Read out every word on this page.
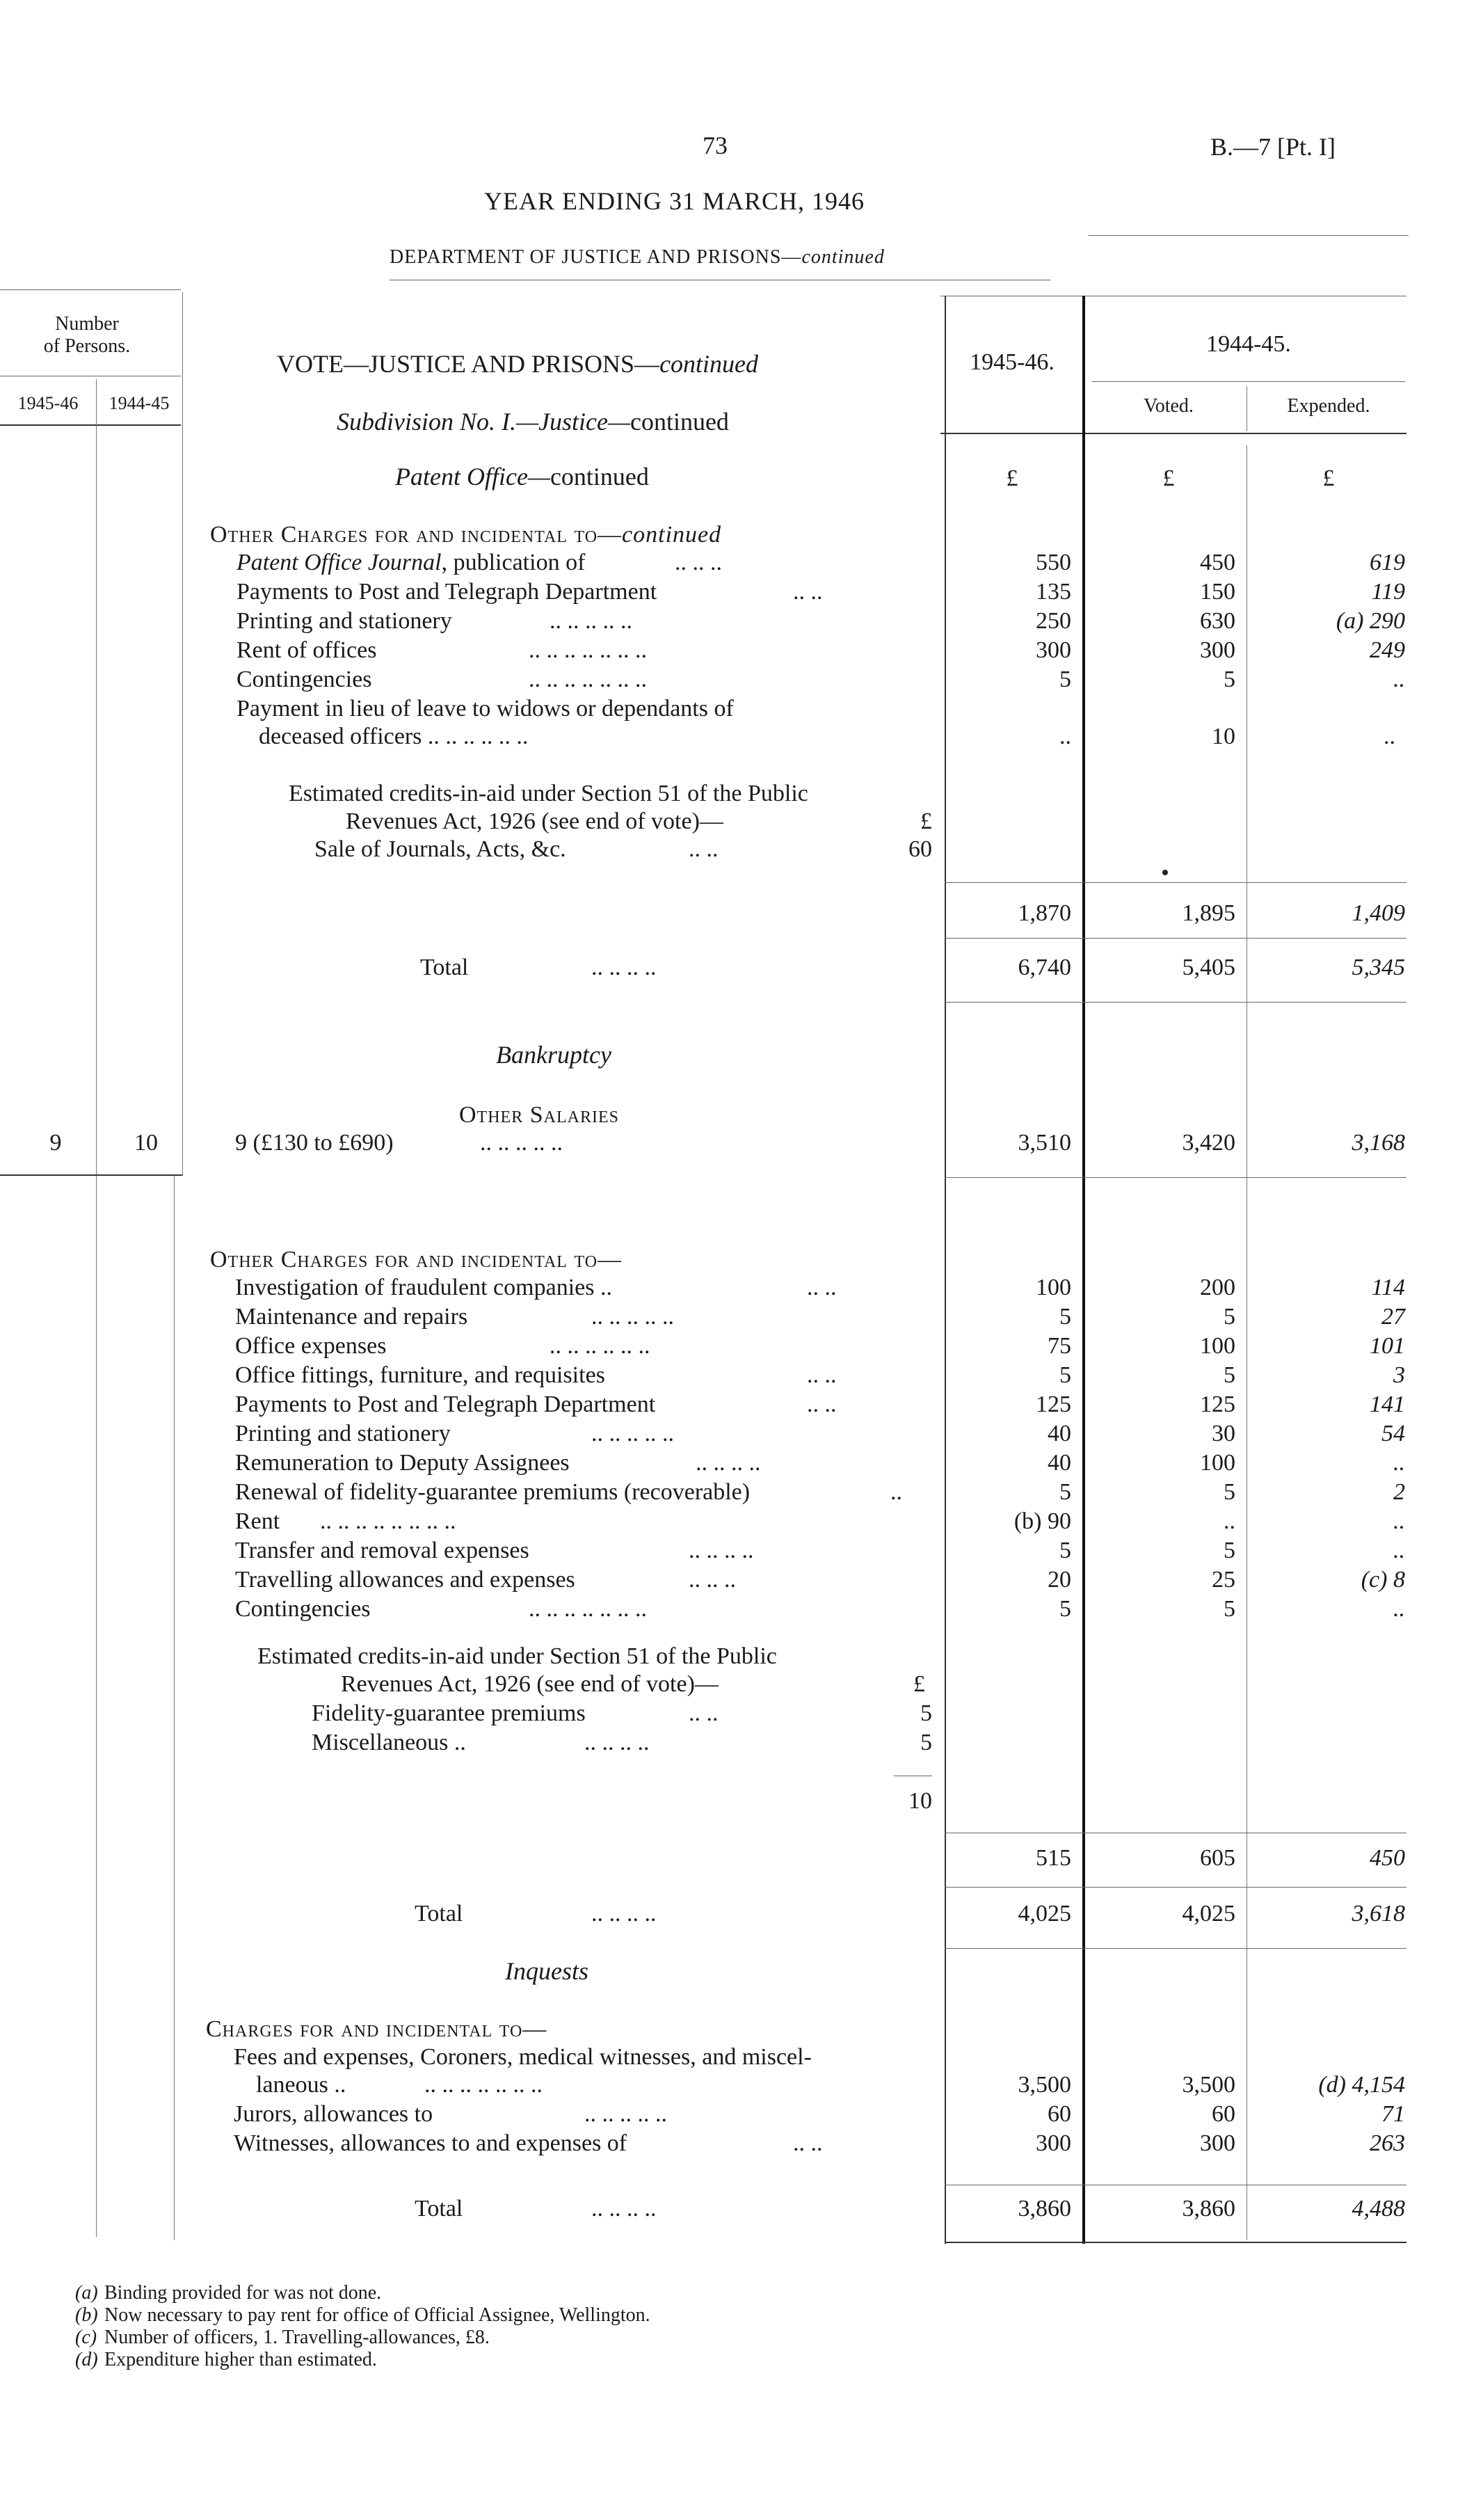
73	B.—7 [Pt. I]
YEAR ENDING 31 MARCH, 1946
DEPARTMENT OF JUSTICE AND PRISONS—continued
Number
of Persons.
1945-46	1944-45
VOTE—JUSTICE AND PRISONS—continued
Subdivision No. I.—Justice—continued
1945-46.
1944-45.
Voted.	Expended.
Patent Office—continued	£	£	£
Other Charges for and incidental to—continued
Patent Office Journal, publication of	.. .. ..	550	450	619
Payments to Post and Telegraph Department	.. ..	135	150	119
Printing and stationery	.. .. .. .. ..	250	630	(a) 290
Rent of offices	.. .. .. .. .. .. ..	300	300	249
Contingencies	.. .. .. .. .. .. ..	5	5	..
Payment in lieu of leave to widows or dependants of
deceased officers .. .. .. .. .. ..	..	10	..
Estimated credits-in-aid under Section 51 of the Public
Revenues Act, 1926 (see end of vote)—	£
Sale of Journals, Acts, &c.	.. ..	60
1,870	1,895	1,409
Total	.. .. .. ..	6,740	5,405	5,345
Bankruptcy
Other Salaries
9	10	9 (£130 to £690)	.. .. .. .. ..	3,510	3,420	3,168
Other Charges for and incidental to—
Investigation of fraudulent companies ..	.. ..	100	200	114
Maintenance and repairs	.. .. .. .. ..	5	5	27
Office expenses	.. .. .. .. .. ..	75	100	101
Office fittings, furniture, and requisites	.. ..	5	5	3
Payments to Post and Telegraph Department	.. ..	125	125	141
Printing and stationery	.. .. .. .. ..	40	30	54
Remuneration to Deputy Assignees	.. .. .. ..	40	100	..
Renewal of fidelity-guarantee premiums (recoverable)	..	5	5	2
Rent .. .. .. .. .. .. .. ..	(b) 90	..	..
Transfer and removal expenses	.. .. .. ..	5	5	..
Travelling allowances and expenses	.. .. ..	20	25	(c) 8
Contingencies	.. .. .. .. .. .. ..	5	5	..
Estimated credits-in-aid under Section 51 of the Public
Revenues Act, 1926 (see end of vote)—	£
Fidelity-guarantee premiums	.. ..	5
Miscellaneous ..	.. .. .. ..	5
10
515	605	450
Total	.. .. .. ..	4,025	4,025	3,618
Inquests
Charges for and incidental to—
Fees and expenses, Coroners, medical witnesses, and miscel-
laneous ..	.. .. .. .. .. .. ..	3,500	3,500	(d) 4,154
Jurors, allowances to	.. .. .. .. ..	60	60	71
Witnesses, allowances to and expenses of	.. ..	300	300	263
Total	.. .. .. ..	3,860	3,860	4,488
(a) Binding provided for was not done.
(b) Now necessary to pay rent for office of Official Assignee, Wellington.
(c) Number of officers, 1. Travelling-allowances, £8.
(d) Expenditure higher than estimated.
